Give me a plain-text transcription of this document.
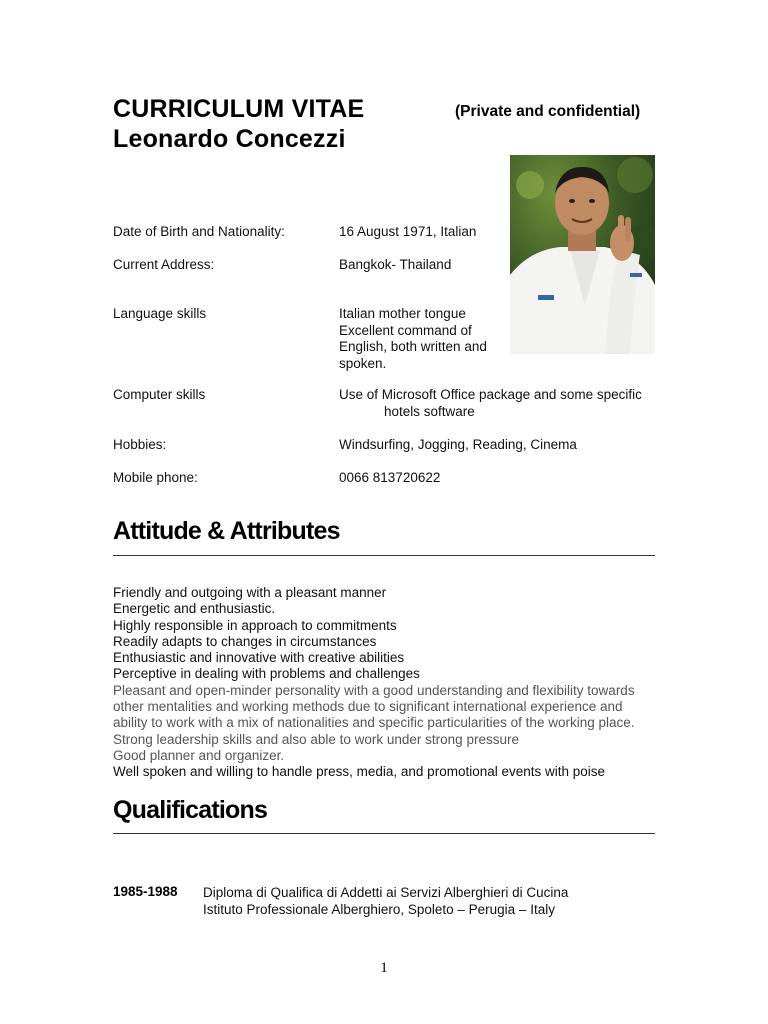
CURRICULUM VITAE
Leonardo Concezzi
(Private and confidential)
Date of Birth and Nationality:	16 August 1971, Italian
Current Address:	Bangkok- Thailand
Language skills	Italian mother tongue
Excellent command of
English, both written and
spoken.
Computer skills	Use of Microsoft Office package and some specific
hotels software
Hobbies:	Windsurfing, Jogging, Reading, Cinema
Mobile phone:	0066 813720622
Attitude & Attributes
Friendly and outgoing with a pleasant manner
Energetic and enthusiastic.
Highly responsible in approach to commitments
Readily adapts to changes in circumstances
Enthusiastic and innovative with creative abilities
Perceptive in dealing with problems and challenges
Pleasant and open-minder personality with a good understanding and flexibility towards
other mentalities and working methods due to significant international experience and
ability to work with a mix of nationalities and specific particularities of the working place.
Strong leadership skills and also able to work under strong pressure
Good planner and organizer.
Well spoken and willing to handle press, media, and promotional events with poise
Qualifications
1985-1988 Diploma di Qualifica di Addetti ai Servizi Alberghieri di Cucina
Istituto Professionale Alberghiero, Spoleto – Perugia – Italy
1
